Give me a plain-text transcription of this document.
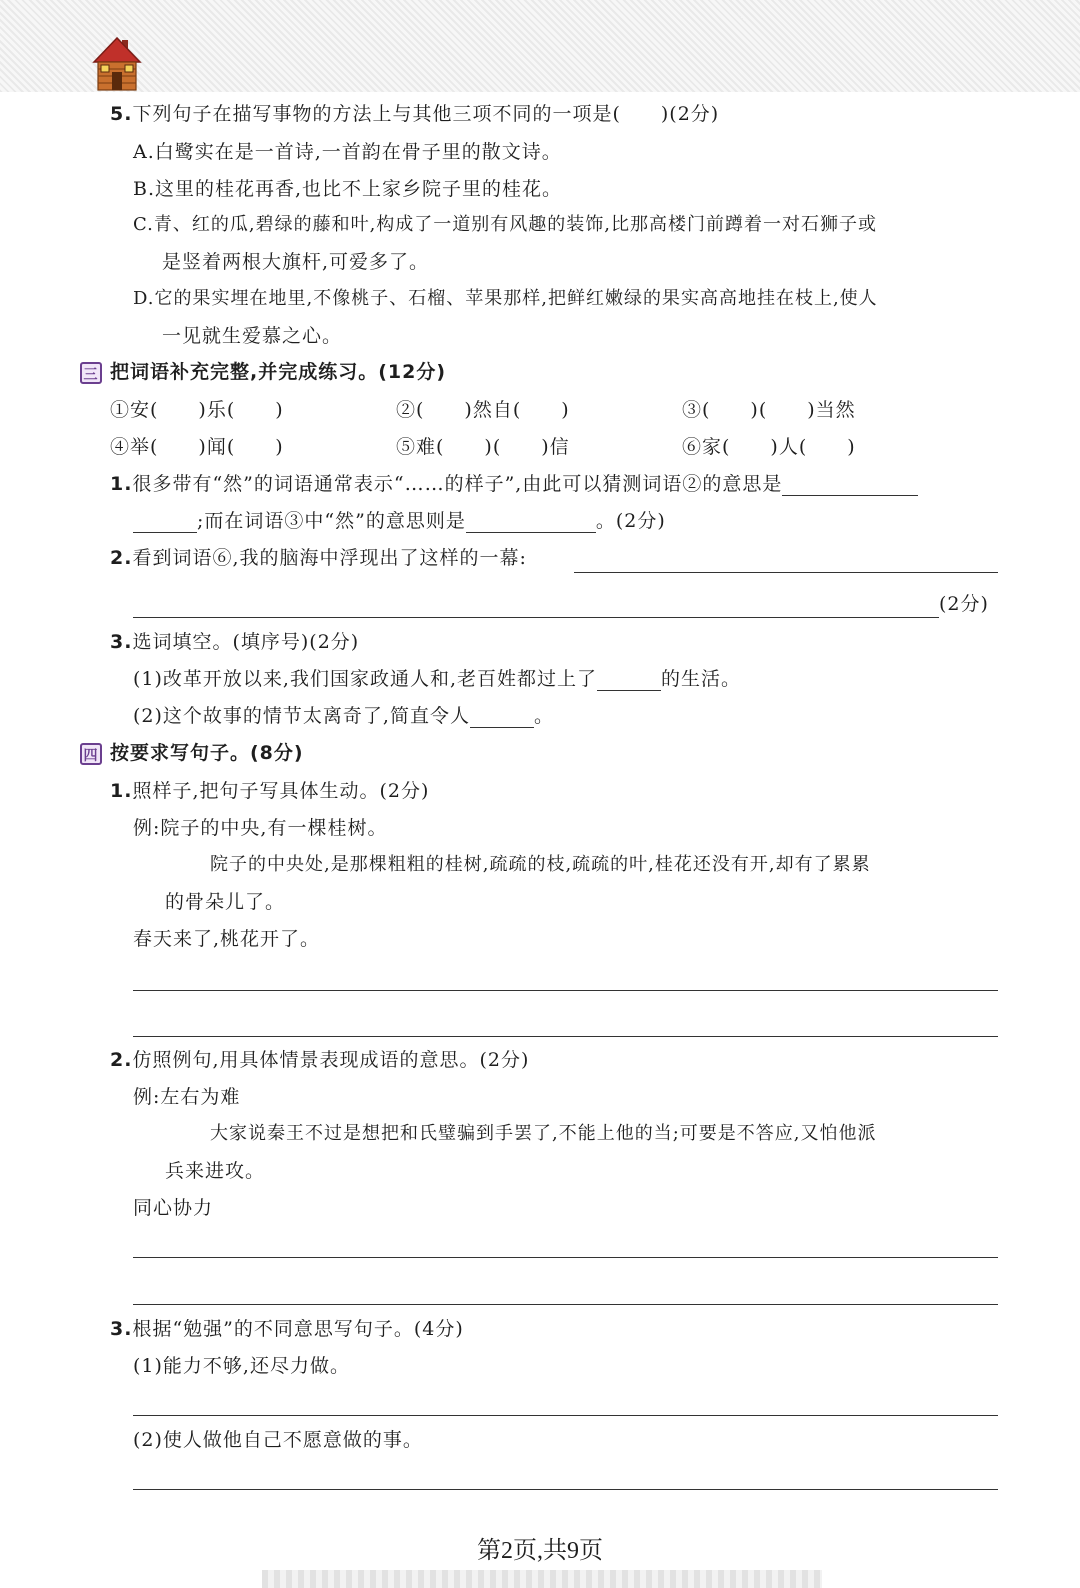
5.下列句子在描写事物的方法上与其他三项不同的一项是(　　)(2分)
A.白鹭实在是一首诗,一首韵在骨子里的散文诗。
B.这里的桂花再香,也比不上家乡院子里的桂花。
C.青、红的瓜,碧绿的藤和叶,构成了一道别有风趣的装饰,比那高楼门前蹲着一对石狮子或
是竖着两根大旗杆,可爱多了。
D.它的果实埋在地里,不像桃子、石榴、苹果那样,把鲜红嫩绿的果实高高地挂在枝上,使人
一见就生爱慕之心。
三 把词语补充完整,并完成练习。(12分)
①安(　　)乐(　　)	②(　　)然自(　　)	③(　　)(　　)当然
④举(　　)闻(　　)	⑤难(　　)(　　)信	⑥家(　　)人(　　)
1.很多带有“然”的词语通常表示“……的样子”,由此可以猜测词语②的意思是
;而在词语③中“然”的意思则是	。(2分)
2.看到词语⑥,我的脑海中浮现出了这样的一幕:
(2分)
3.选词填空。(填序号)(2分)
(1)改革开放以来,我们国家政通人和,老百姓都过上了	的生活。
(2)这个故事的情节太离奇了,简直令人	。
四 按要求写句子。(8分)
1.照样子,把句子写具体生动。(2分)
例:院子的中央,有一棵桂树。
院子的中央处,是那棵粗粗的桂树,疏疏的枝,疏疏的叶,桂花还没有开,却有了累累
的骨朵儿了。
春天来了,桃花开了。
2.仿照例句,用具体情景表现成语的意思。(2分)
例:左右为难
大家说秦王不过是想把和氏璧骗到手罢了,不能上他的当;可要是不答应,又怕他派
兵来进攻。
同心协力
3.根据“勉强”的不同意思写句子。(4分)
(1)能力不够,还尽力做。
(2)使人做他自己不愿意做的事。
第2页,共9页
